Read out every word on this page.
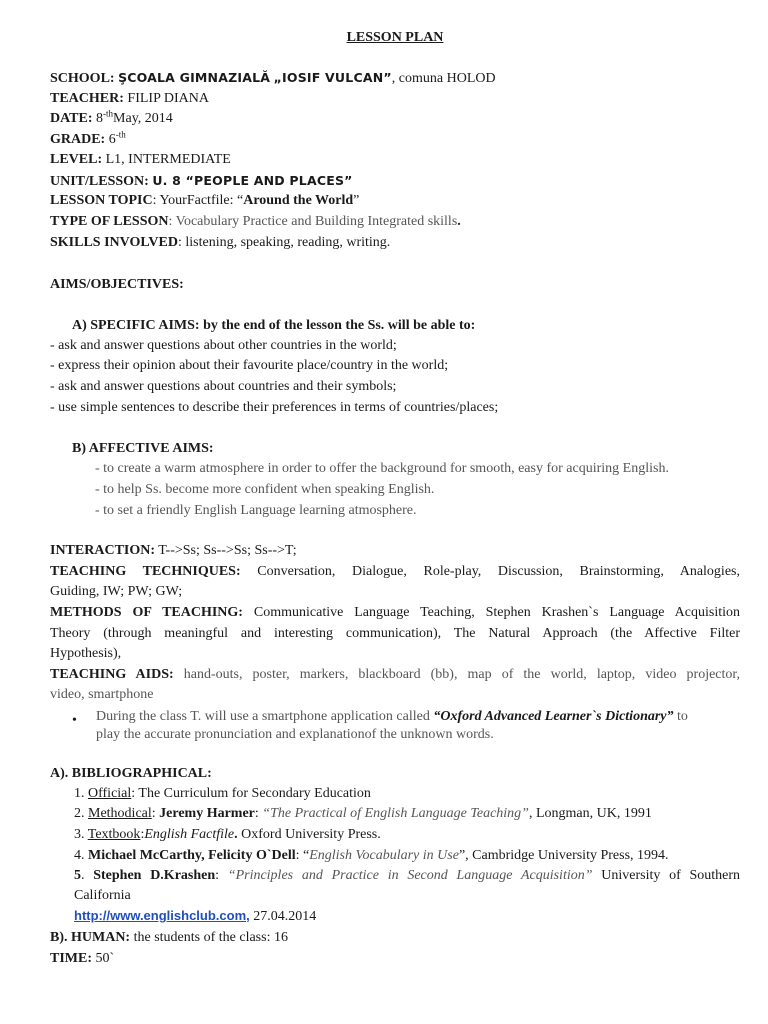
LESSON PLAN
SCHOOL: ŞCOALA GIMNAZIALĂ „IOSIF VULCAN”, comuna HOLOD
TEACHER: FILIP DIANA
DATE: $8^{-th}May$, 2014
GRADE: $6^{-th}$
LEVEL: L1, INTERMEDIATE
UNIT/LESSON: U. 8 “PEOPLE AND PLACES”
LESSON TOPIC: YourFactfile: “Around the World”
TYPE OF LESSON: Vocabulary Practice and Building Integrated skills.
SKILLS INVOLVED: listening, speaking, reading, writing.
AIMS/OBJECTIVES:
A) SPECIFIC AIMS: by the end of the lesson the Ss. will be able to:
- ask and answer questions about other countries in the world;
- express their opinion about their favourite place/country in the world;
- ask and answer questions about countries and their symbols;
- use simple sentences to describe their preferences in terms of countries/places;
B) AFFECTIVE AIMS:
- to create a warm atmosphere in order to offer the background for smooth, easy for acquiring English.
- to help Ss. become more confident when speaking English.
- to set a friendly English Language learning atmosphere.
INTERACTION: T-->Ss; Ss-->Ss; Ss-->T;
TEACHING TECHNIQUES: Conversation, Dialogue, Role-play, Discussion, Brainstorming, Analogies,
Guiding, IW; PW; GW;
METHODS OF TEACHING: Communicative Language Teaching, Stephen Krashen`s Language Acquisition
Theory (through meaningful and interesting communication), The Natural Approach (the Affective Filter
Hypothesis),
TEACHING AIDS: hand-outs, poster, markers, blackboard (bb), map of the world, laptop, video projector,
video, smartphone
• During the class T. will use a smartphone application called “Oxford Advanced Learner`s Dictionary” to
play the accurate pronunciation and explanationof the unknown words.
A). BIBLIOGRAPHICAL:
1. Official: The Curriculum for Secondary Education
2. Methodical: Jeremy Harmer: “The Practical of English Language Teaching”, Longman, UK, 1991
3. Textbook:English Factfile. Oxford University Press.
4. Michael McCarthy, Felicity O`Dell: “English Vocabulary in Use”, Cambridge University Press, 1994.
5. Stephen D.Krashen: “Principles and Practice in Second Language Acquisition” University of Southern
California
http://www.englishclub.com, 27.04.2014
B). HUMAN: the students of the class: 16
TIME: 50`
